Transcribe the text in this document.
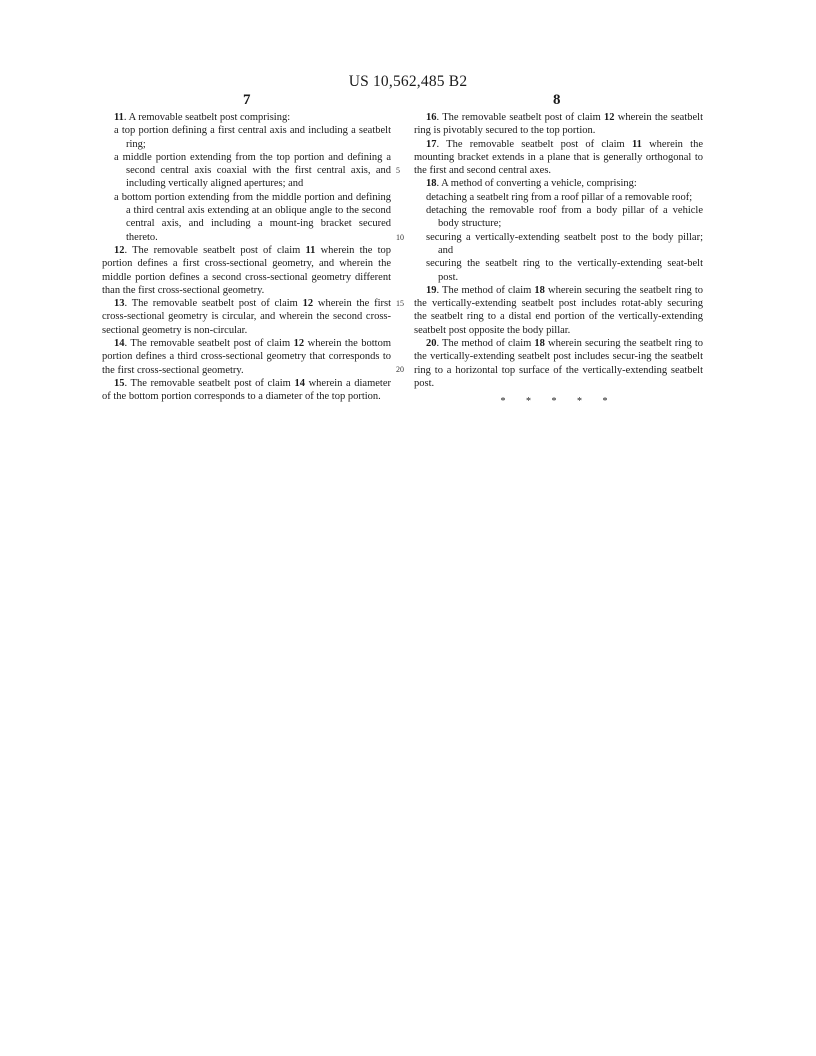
US 10,562,485 B2
7	8

11. A removable seatbelt post comprising:

a top portion defining a first central axis and including a seatbelt ring;

a middle portion extending from the top portion and defining a second central axis coaxial with the first central axis, and including vertically aligned apertures; and

a bottom portion extending from the middle portion and defining a third central axis extending at an oblique angle to the second central axis, and including a mount-ing bracket secured thereto.

12. The removable seatbelt post of claim 11 wherein the top portion defines a first cross-sectional geometry, and wherein the middle portion defines a second cross-sectional geometry different than the first cross-sectional geometry.

13. The removable seatbelt post of claim 12 wherein the first cross-sectional geometry is circular, and wherein the second cross-sectional geometry is non-circular.

14. The removable seatbelt post of claim 12 wherein the bottom portion defines a third cross-sectional geometry that corresponds to the first cross-sectional geometry.

15. The removable seatbelt post of claim 14 wherein a diameter of the bottom portion corresponds to a diameter of the top portion.

5
10
15
20

16. The removable seatbelt post of claim 12 wherein the seatbelt ring is pivotably secured to the top portion.

17. The removable seatbelt post of claim 11 wherein the mounting bracket extends in a plane that is generally orthogonal to the first and second central axes.

18. A method of converting a vehicle, comprising:

detaching a seatbelt ring from a roof pillar of a removable roof;

detaching the removable roof from a body pillar of a vehicle body structure;

securing a vertically-extending seatbelt post to the body pillar; and

securing the seatbelt ring to the vertically-extending seat-belt post.

19. The method of claim 18 wherein securing the seatbelt ring to the vertically-extending seatbelt post includes rotat-ably securing the seatbelt ring to a distal end portion of the vertically-extending seatbelt post opposite the body pillar.

20. The method of claim 18 wherein securing the seatbelt ring to the vertically-extending seatbelt post includes secur-ing the seatbelt ring to a horizontal top surface of the vertically-extending seatbelt post.

* * * * *
